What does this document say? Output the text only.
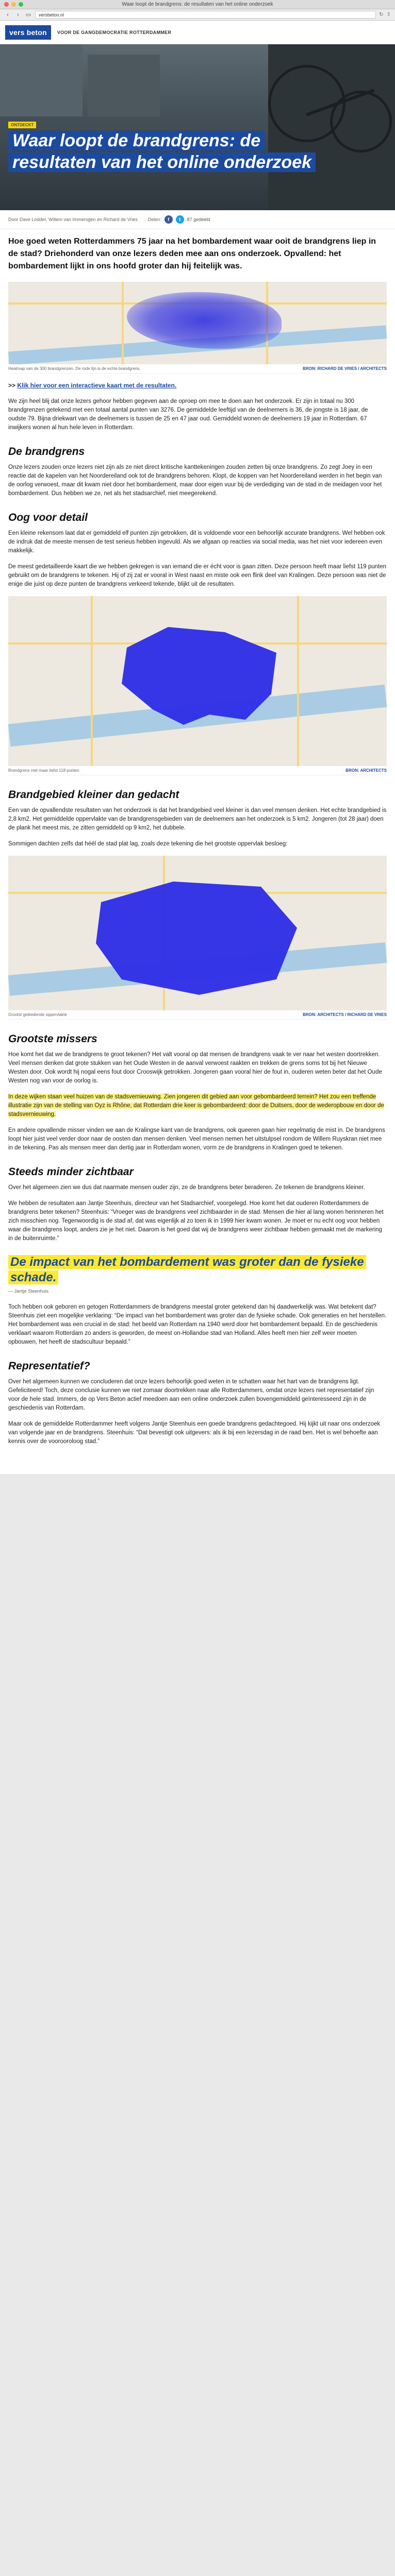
Waar loopt de brandgrens: de resultaten van het online onderzoek
‹	›	▭ versbeton.nl	↻ ⇪
vers beton	VOOR DE GANGDEMOCRATIE ROTTERDAMMER
ONTDECKT
Waar loopt de brandgrens: de resultaten van het online onderzoek
Door Dave Lodder, Willem van Immersgen en Richard de Vries Delen:	f	t	87 gedeeld

Hoe goed weten Rotterdammers 75 jaar na het bombardement waar ooit de brandgrens liep in de stad? Driehonderd van onze lezers deden mee aan ons onderzoek. Opvallend: het bombardement lijkt in ons hoofd groter dan hij feitelijk was.

Heatmap van de 300 brandgrenzen. De rode lijn is de echte brandgrens.	BRON: RICHARD DE VRIES / ARCHITECTS
>> Klik hier voor een interactieve kaart met de resultaten.

We zijn heel blij dat onze lezers gehoor hebben gegeven aan de oproep om mee te doen aan het onderzoek. Er zijn in totaal nu 300 brandgrenzen getekend met een totaal aantal punten van 3276. De gemiddelde leeftijd van de deelnemers is 36, de jongste is 18 jaar, de oudste 79. Bijna driekwart van de deelnemers is tussen de 25 en 47 jaar oud. Gemiddeld wonen de deelnemers 19 jaar in Rotterdam. 67 inwijkers wonen al hun hele leven in Rotterdam.

De brandgrens

Onze lezers zouden onze lezers niet zijn als ze niet direct kritische kanttekeningen zouden zetten bij onze brandgrens. Zo zegt Joey in een reactie dat de kapelen van het Noordereiland ook tot de brandgrens behoren. Klopt, de koppen van het Noordereiland werden in het begin van de oorlog verwoest, maar dit kwam niet door het bombardement, maar door eigen vuur bij de verdediging van de stad in de meidagen voor het bombardement. Dus hebben we ze, net als het stadsarchief, niet meegerekend.

Oog voor detail

Een kleine rekensom laat dat er gemiddeld elf punten zijn getrokken, dit is voldoende voor een behoorlijk accurate brandgrens. Wel hebben ook de indruk dat de meeste mensen de test serieus hebben ingevuld. Als we afgaan op reacties via social media, was het niet voor iedereen even makkelijk.

De meest gedetailleerde kaart die we hebben gekregen is van iemand die er écht voor is gaan zitten. Deze persoon heeft maar liefst 119 punten gebruikt om de brandgrens te tekenen. Hij of zij zat er vooral in West naast en miste ook een flink deel van Kralingen. Deze persoon was niet de enige die juist op deze punten de brandgrens verkeerd tekende, blijkt uit de resultaten.

Brandgrens met maar liefst 118 punten	BRON: ARCHITECTS
Brandgebied kleiner dan gedacht

Een van de opvallendste resultaten van het onderzoek is dat het brandgebied veel kleiner is dan veel mensen denken. Het echte brandgebied is 2,8 km2. Het gemiddelde oppervlakte van de brandgrensgebieden van de deelnemers aan het onderzoek is 5 km2. Jongeren (tot 28 jaar) doen de plank het meest mis, ze zitten gemiddeld op 9 km2, het dubbele.

Sommigen dachten zelfs dat héél de stad plat lag, zoals deze tekening die het grootste oppervlak besloeg:

Grootst gebiedende oppervlakte	BRON: ARCHITECTS / RICHARD DE VRIES
Grootste missers

Hoe komt het dat we de brandgrens te groot tekenen? Het valt vooral op dat mensen de brandgrens vaak te ver naar het westen doortrekken. Veel mensen denken dat grote stukken van het Oude Westen in de aanval verwoest raakten en trekken de grens soms tot bij het Nieuwe Westen door. Ook wordt hij nogal eens fout door Crooswijk getrokken. Jongeren gaan vooral hier de fout in, ouderen weten beter dat het Oude Westen nog van voor de oorlog is.

In deze wijken staan veel huizen van de stadsvernieuwing. Zien jongeren dit gebied aan voor gebombardeerd terrein? Het zou een treffende illustratie zijn van de stelling van Oyz is Rhône, dat Rotterdam drie keer is gebombardeerd: door de Duitsers, door de wederopbouw en door de stadsvernieuwing.

En andere opvallende misser vinden we aan de Kralingse kant van de brandgrens, ook queeren gaan hier regelmatig de mist in. De brandgrens loopt hier juist veel verder door naar de oosten dan mensen denken. Veel mensen nemen het uitstulpsel rondom de Willem Ruyskran niet mee in de tekening. Pas als mensen meer dan dertig jaar in Rotterdam wonen, vorm ze de brandgrens in Kralingen goed te tekenen.

Steeds minder zichtbaar

Over het algemeen zien we dus dat naarmate mensen ouder zijn, ze de brandgrens beter beraderen. Ze tekenen de brandgrens kleiner.

We hebben de resultaten aan Jantje Steenhuis, directeur van het Stadsarchief, voorgelegd. Hoe komt het dat ouderen Rotterdammers de brandgrens beter tekenen? Steenhuis: “Vroeger was de brandgrens veel zichtbaarder in de stad. Mensen die hier al lang wonen herinneren het zich misschien nog. Tegenwoordig is de stad af, dat was eigenlijk al zo toen ik in 1999 hier kwam wonen. Je moet er nu echt oog voor hebben waar die brandgrens loopt, anders zie je het niet. Daarom is het goed dat wij de brandgrens weer zichtbaar hebben gemaakt met de markering in de buitenruimte.”

De impact van het bombardement was groter dan de fysieke schade.
— Jantje Steenhuis

Toch hebben ook geboren en getogen Rotterdammers de brandgrens meestal groter getekend dan hij daadwerkelijk was. Wat betekent dat? Steenhuis ziet een mogelijke verklaring: “De impact van het bombardement was groter dan de fysieke schade. Ook generaties en het herstellen. Het bombardement was een crucial in de stad: het beeld van Rotterdam na 1940 werd door het bombardement bepaald. En de geschiedenis verklaart waarom Rotterdam zo anders is geworden, de meest on-Hollandse stad van Holland. Alles heeft men hier zelf weer moeten opbouwen, het heeft de stadscultuur bepaald.”

Representatief?

Over het algemeen kunnen we concluderen dat onze lezers behoorlijk goed weten in te schatten waar het hart van de brandgrens ligt. Gefeliciteerd! Toch, deze conclusie kunnen we niet zomaar doortrekken naar alle Rotterdammers, omdat onze lezers niet representatief zijn voor de hele stad. Immers, de op Vers Beton actief meedoen aan een online onderzoek zullen bovengemiddeld geïnteresseerd zijn in de geschiedenis van Rotterdam.

Maar ook de gemiddelde Rotterdammer heeft volgens Jantje Steenhuis een goede brandgrens gedachtegoed. Hij kijkt uit naar ons onderzoek van volgende jaar en de brandgrens. Steenhuis: “Dat bevestigt ook uitgevers: als ik bij een lezersdag in de raad ben. Het is wel behoefte aan kennis over de voorooroloog stad.”
